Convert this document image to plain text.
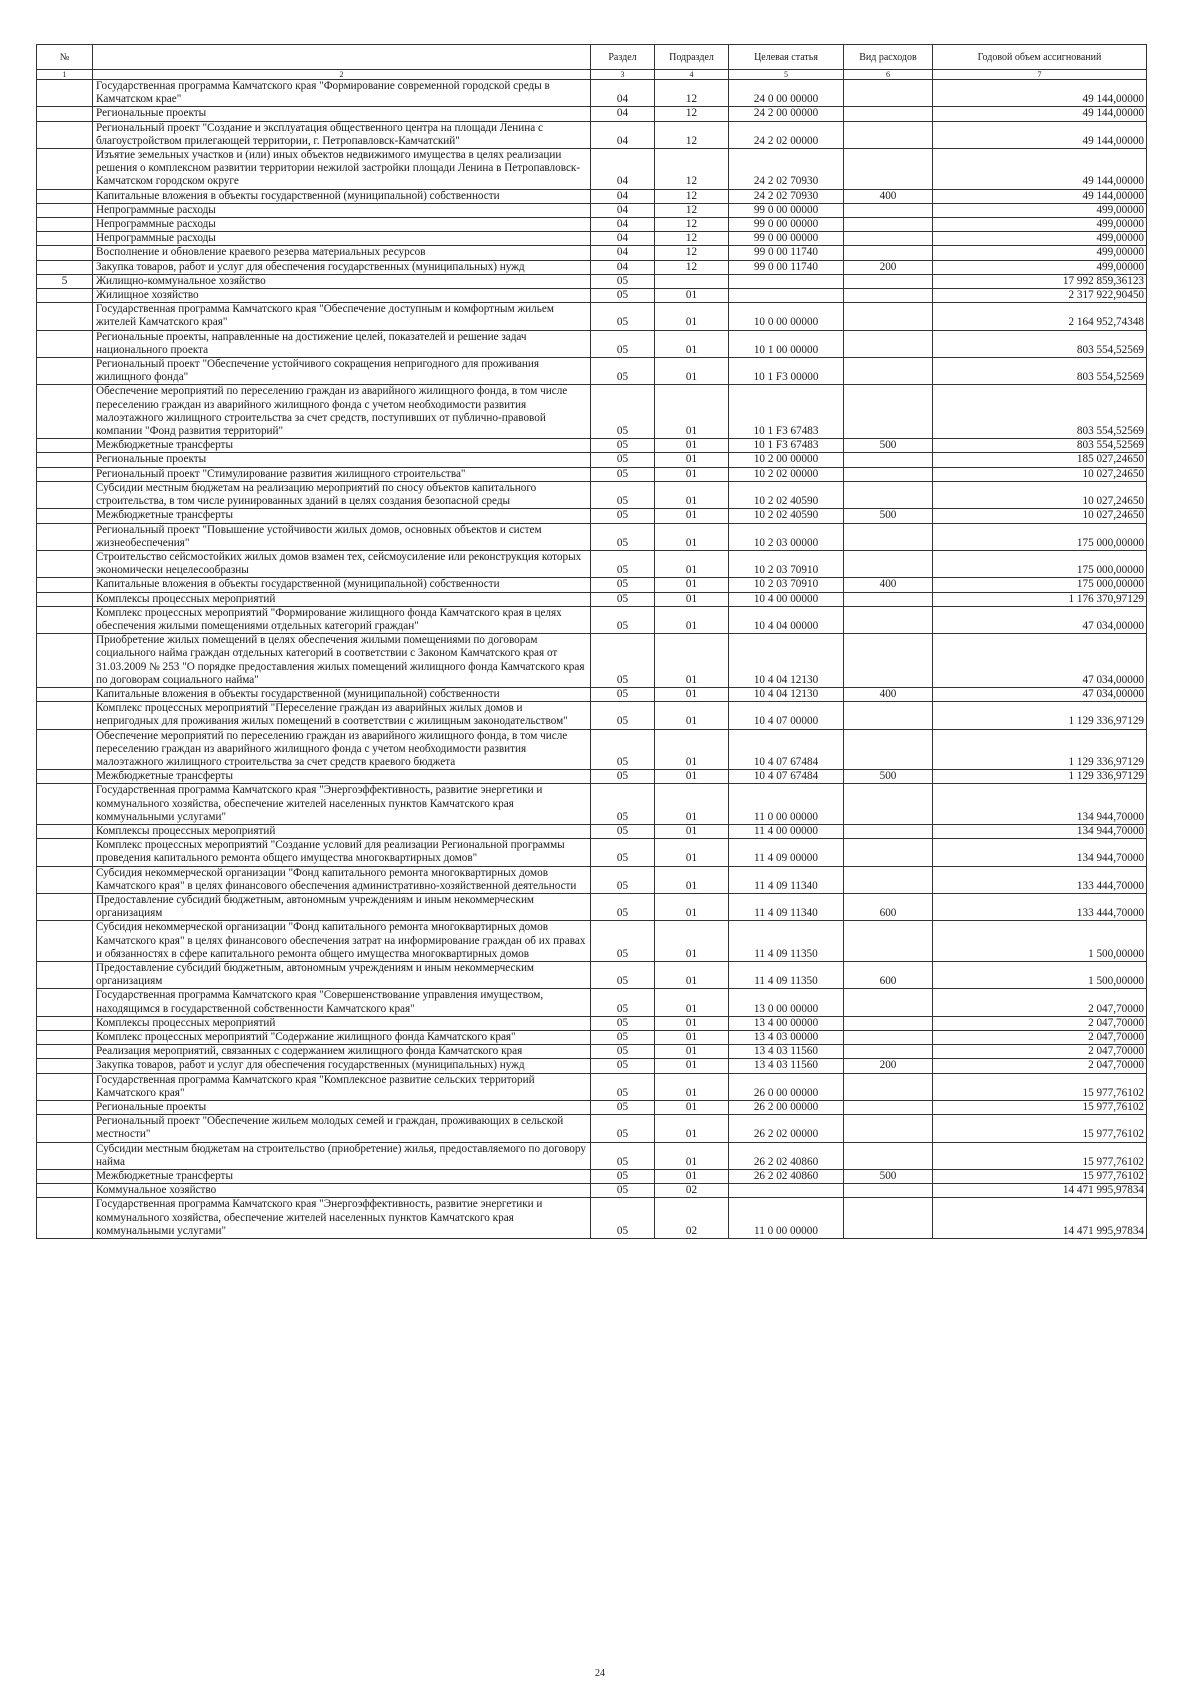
№		Раздел	Подраздел	Целевая статья	Вид расходов	Годовой объем ассигнований
1	2	3	4	5	6	7
	Государственная программа Камчатского края "Формирование современной городской среды в Камчатском крае"	04	12	24 0 00 00000		49 144,00000
	Региональные проекты	04	12	24 2 00 00000		49 144,00000
	Региональный проект "Создание и эксплуатация общественного центра на площади Ленина с благоустройством прилегающей территории, г. Петропавловск-Камчатский"	04	12	24 2 02 00000		49 144,00000
	Изъятие земельных участков и (или) иных объектов недвижимого имущества в целях реализации решения о комплексном развитии территории нежилой застройки площади Ленина в Петропавловск-Камчатском городском округе	04	12	24 2 02 70930		49 144,00000
	Капитальные вложения в объекты государственной (муниципальной) собственности	04	12	24 2 02 70930	400	49 144,00000
	Непрограммные расходы	04	12	99 0 00 00000		499,00000
	Непрограммные расходы	04	12	99 0 00 00000		499,00000
	Непрограммные расходы	04	12	99 0 00 00000		499,00000
	Восполнение и обновление краевого резерва материальных ресурсов	04	12	99 0 00 11740		499,00000
	Закупка товаров, работ и услуг для обеспечения государственных (муниципальных) нужд	04	12	99 0 00 11740	200	499,00000
5	Жилищно-коммунальное хозяйство	05				17 992 859,36123
	Жилищное хозяйство	05	01			2 317 922,90450
	Государственная программа Камчатского края "Обеспечение доступным и комфортным жильем жителей Камчатского края"	05	01	10 0 00 00000		2 164 952,74348
	Региональные проекты, направленные на достижение целей, показателей и решение задач национального проекта	05	01	10 1 00 00000		803 554,52569
	Региональный проект "Обеспечение устойчивого сокращения непригодного для проживания жилищного фонда"	05	01	10 1 F3 00000		803 554,52569
	Обеспечение мероприятий по переселению граждан из аварийного жилищного фонда, в том числе переселению граждан из аварийного жилищного фонда с учетом необходимости развития малоэтажного жилищного строительства за счет средств, поступивших от публично-правовой компании "Фонд развития территорий"	05	01	10 1 F3 67483		803 554,52569
	Межбюджетные трансферты	05	01	10 1 F3 67483	500	803 554,52569
	Региональные проекты	05	01	10 2 00 00000		185 027,24650
	Региональный проект "Стимулирование развития жилищного строительства"	05	01	10 2 02 00000		10 027,24650
	Субсидии местным бюджетам на реализацию мероприятий по сносу объектов капитального строительства, в том числе руинированных зданий в целях создания безопасной среды	05	01	10 2 02 40590		10 027,24650
	Межбюджетные трансферты	05	01	10 2 02 40590	500	10 027,24650
	Региональный проект "Повышение устойчивости жилых домов, основных объектов и систем жизнеобеспечения"	05	01	10 2 03 00000		175 000,00000
	Строительство сейсмостойких жилых домов взамен тех, сейсмоусиление или реконструкция которых экономически нецелесообразны	05	01	10 2 03 70910		175 000,00000
	Капитальные вложения в объекты государственной (муниципальной) собственности	05	01	10 2 03 70910	400	175 000,00000
	Комплексы процессных мероприятий	05	01	10 4 00 00000		1 176 370,97129
	Комплекс процессных мероприятий "Формирование жилищного фонда Камчатского края в целях обеспечения жилыми помещениями отдельных категорий граждан"	05	01	10 4 04 00000		47 034,00000
	Приобретение жилых помещений в целях обеспечения жилыми помещениями по договорам социального найма граждан отдельных категорий в соответствии с Законом Камчатского края от 31.03.2009 № 253 "О порядке предоставления жилых помещений жилищного фонда Камчатского края по договорам социального найма"	05	01	10 4 04 12130		47 034,00000
	Капитальные вложения в объекты государственной (муниципальной) собственности	05	01	10 4 04 12130	400	47 034,00000
	Комплекс процессных мероприятий "Переселение граждан из аварийных жилых домов и непригодных для проживания жилых помещений в соответствии с жилищным законодательством"	05	01	10 4 07 00000		1 129 336,97129
	Обеспечение мероприятий по переселению граждан из аварийного жилищного фонда, в том числе переселению граждан из аварийного жилищного фонда с учетом необходимости развития малоэтажного жилищного строительства за счет средств краевого бюджета	05	01	10 4 07 67484		1 129 336,97129
	Межбюджетные трансферты	05	01	10 4 07 67484	500	1 129 336,97129
	Государственная программа Камчатского края "Энергоэффективность, развитие энергетики и коммунального хозяйства, обеспечение жителей населенных пунктов Камчатского края коммунальными услугами"	05	01	11 0 00 00000		134 944,70000
	Комплексы процессных мероприятий	05	01	11 4 00 00000		134 944,70000
	Комплекс процессных мероприятий "Создание условий для реализации Региональной программы проведения капитального ремонта общего имущества многоквартирных домов"	05	01	11 4 09 00000		134 944,70000
	Субсидия некоммерческой организации "Фонд капитального ремонта многоквартирных домов Камчатского края" в целях финансового обеспечения административно-хозяйственной деятельности	05	01	11 4 09 11340		133 444,70000
	Предоставление субсидий бюджетным, автономным учреждениям и иным некоммерческим организациям	05	01	11 4 09 11340	600	133 444,70000
	Субсидия некоммерческой организации "Фонд капитального ремонта многоквартирных домов Камчатского края" в целях финансового обеспечения затрат на информирование граждан об их правах и обязанностях в сфере капитального ремонта общего имущества многоквартирных домов	05	01	11 4 09 11350		1 500,00000
	Предоставление субсидий бюджетным, автономным учреждениям и иным некоммерческим организациям	05	01	11 4 09 11350	600	1 500,00000
	Государственная программа Камчатского края "Совершенствование управления имуществом, находящимся в государственной собственности Камчатского края"	05	01	13 0 00 00000		2 047,70000
	Комплексы процессных мероприятий	05	01	13 4 00 00000		2 047,70000
	Комплекс процессных мероприятий "Содержание жилищного фонда Камчатского края"	05	01	13 4 03 00000		2 047,70000
	Реализация мероприятий, связанных с содержанием жилищного фонда Камчатского края	05	01	13 4 03 11560		2 047,70000
	Закупка товаров, работ и услуг для обеспечения государственных (муниципальных) нужд	05	01	13 4 03 11560	200	2 047,70000
	Государственная программа Камчатского края "Комплексное развитие сельских территорий Камчатского края"	05	01	26 0 00 00000		15 977,76102
	Региональные проекты	05	01	26 2 00 00000		15 977,76102
	Региональный проект "Обеспечение жильем молодых семей и граждан, проживающих в сельской местности"	05	01	26 2 02 00000		15 977,76102
	Субсидии местным бюджетам на строительство (приобретение) жилья, предоставляемого по договору найма	05	01	26 2 02 40860		15 977,76102
	Межбюджетные трансферты	05	01	26 2 02 40860	500	15 977,76102
	Коммунальное хозяйство	05	02			14 471 995,97834
	Государственная программа Камчатского края "Энергоэффективность, развитие энергетики и коммунального хозяйства, обеспечение жителей населенных пунктов Камчатского края коммунальными услугами"	05	02	11 0 00 00000		14 471 995,97834
24
